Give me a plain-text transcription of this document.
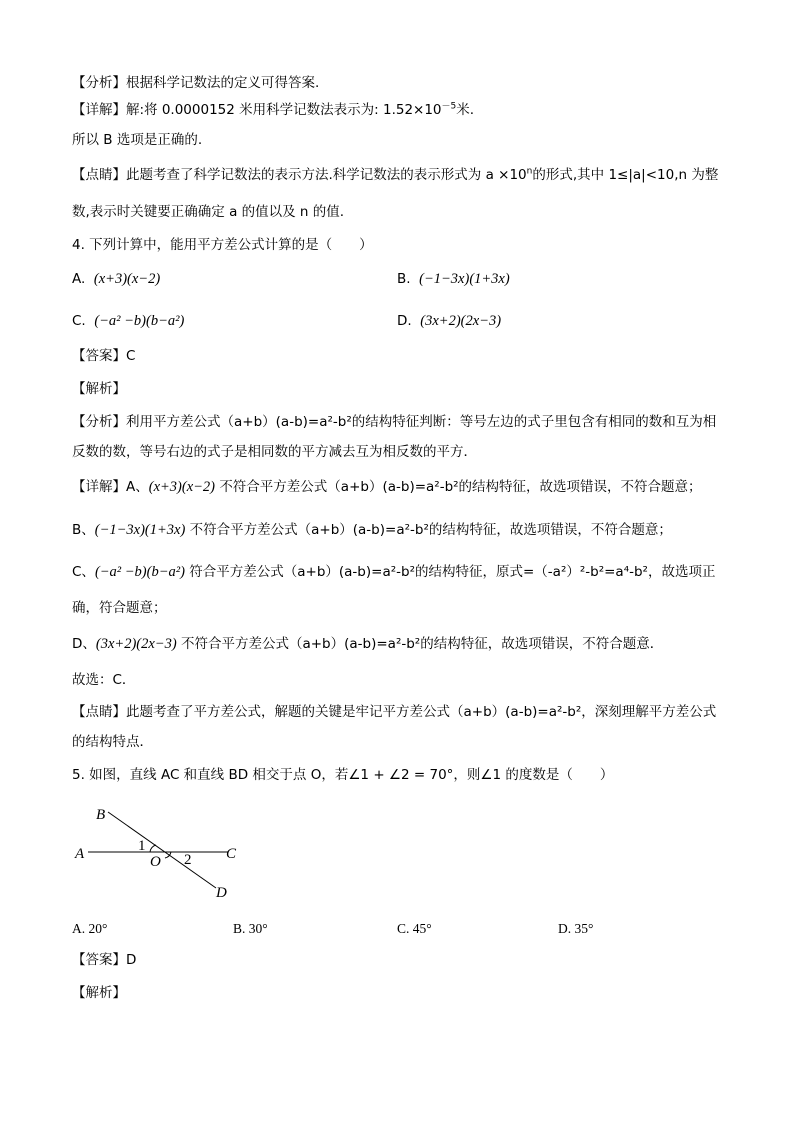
【分析】根据科学记数法的定义可得答案.
【详解】解:将 0.0000152 米用科学记数法表示为: $1.52\times 10^{-5}$米.
所以 B 选项是正确的.
【点睛】此题考查了科学记数法的表示方法.科学记数法的表示形式为 $a \times 10^n$的形式,其中 1≤|a|<10,n 为整
数,表示时关键要正确确定 a 的值以及 n 的值.
4. 下列计算中，能用平方差公式计算的是（　　）
A. (x+3)(x−2)	B. (−1−3x)(1+3x)
C. (−a² −b)(b−a²)	D. (3x+2)(2x−3)
【答案】C
【解析】
【分析】利用平方差公式（a+b）(a-b)=a²-b²的结构特征判断：等号左边的式子里包含有相同的数和互为相
反数的数，等号右边的式子是相同数的平方减去互为相反数的平方．
【详解】A、(x+3)(x−2) 不符合平方差公式（a+b）(a-b)=a²-b²的结构特征，故选项错误，不符合题意；
B、(−1−3x)(1+3x) 不符合平方差公式（a+b）(a-b)=a²-b²的结构特征，故选项错误，不符合题意；
C、(−a² −b)(b−a²) 符合平方差公式（a+b）(a-b)=a²-b²的结构特征，原式=（-a²）²-b²=a⁴-b²，故选项正
确，符合题意；
D、(3x+2)(2x−3) 不符合平方差公式（a+b）(a-b)=a²-b²的结构特征，故选项错误，不符合题意．
故选：C．
【点睛】此题考查了平方差公式，解题的关键是牢记平方差公式（a+b）(a-b)=a²-b²，深刻理解平方差公式
的结构特点．
5. 如图，直线 AC 和直线 BD 相交于点 O，若∠1 + ∠2 = 70°，则∠1 的度数是（　　）
B
A	C
D
O
1
2
A. 20°	B. 30°	C. 45°	D. 35°
【答案】D
【解析】
